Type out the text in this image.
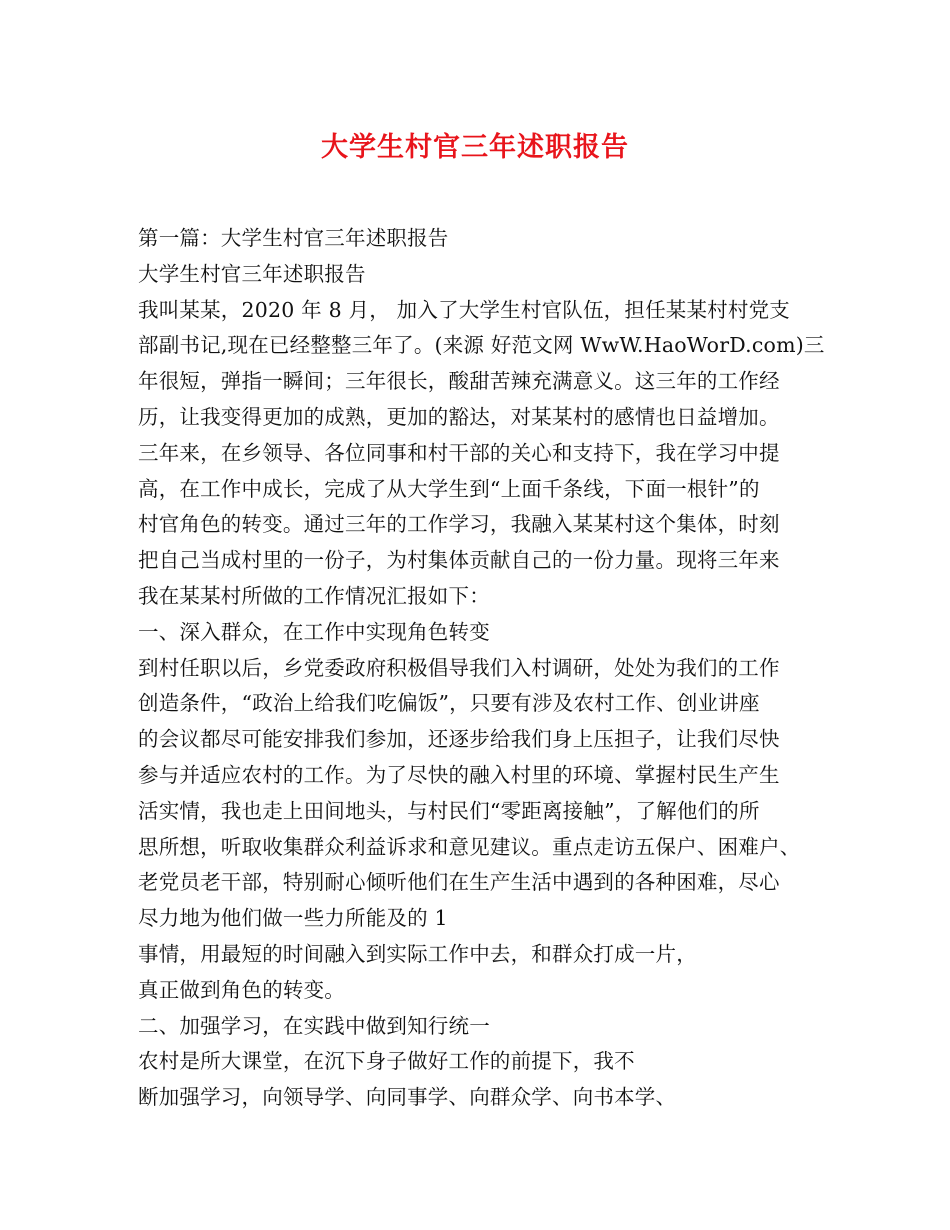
大学生村官三年述职报告
第一篇：大学生村官三年述职报告
大学生村官三年述职报告
我叫某某，2020 年 8 月， 加入了大学生村官队伍，担任某某村村党支
部副书记,现在已经整整三年了。(来源 好范文网 WwW.HaoWorD.com)三
年很短，弹指一瞬间；三年很长，酸甜苦辣充满意义。这三年的工作经
历，让我变得更加的成熟，更加的豁达，对某某村的感情也日益增加。
三年来，在乡领导、各位同事和村干部的关心和支持下，我在学习中提
高，在工作中成长，完成了从大学生到“上面千条线，下面一根针”的
村官角色的转变。通过三年的工作学习，我融入某某村这个集体，时刻
把自己当成村里的一份子，为村集体贡献自己的一份力量。现将三年来
我在某某村所做的工作情况汇报如下：
一、深入群众，在工作中实现角色转变
到村任职以后，乡党委政府积极倡导我们入村调研，处处为我们的工作
创造条件，“政治上给我们吃偏饭”，只要有涉及农村工作、创业讲座
的会议都尽可能安排我们参加，还逐步给我们身上压担子，让我们尽快
参与并适应农村的工作。为了尽快的融入村里的环境、掌握村民生产生
活实情，我也走上田间地头，与村民们“零距离接触”，了解他们的所
思所想，听取收集群众利益诉求和意见建议。重点走访五保户、困难户、
老党员老干部，特别耐心倾听他们在生产生活中遇到的各种困难，尽心
尽力地为他们做一些力所能及的 1
事情，用最短的时间融入到实际工作中去，和群众打成一片，
真正做到角色的转变。
二、加强学习，在实践中做到知行统一
农村是所大课堂，在沉下身子做好工作的前提下，我不
断加强学习，向领导学、向同事学、向群众学、向书本学、
